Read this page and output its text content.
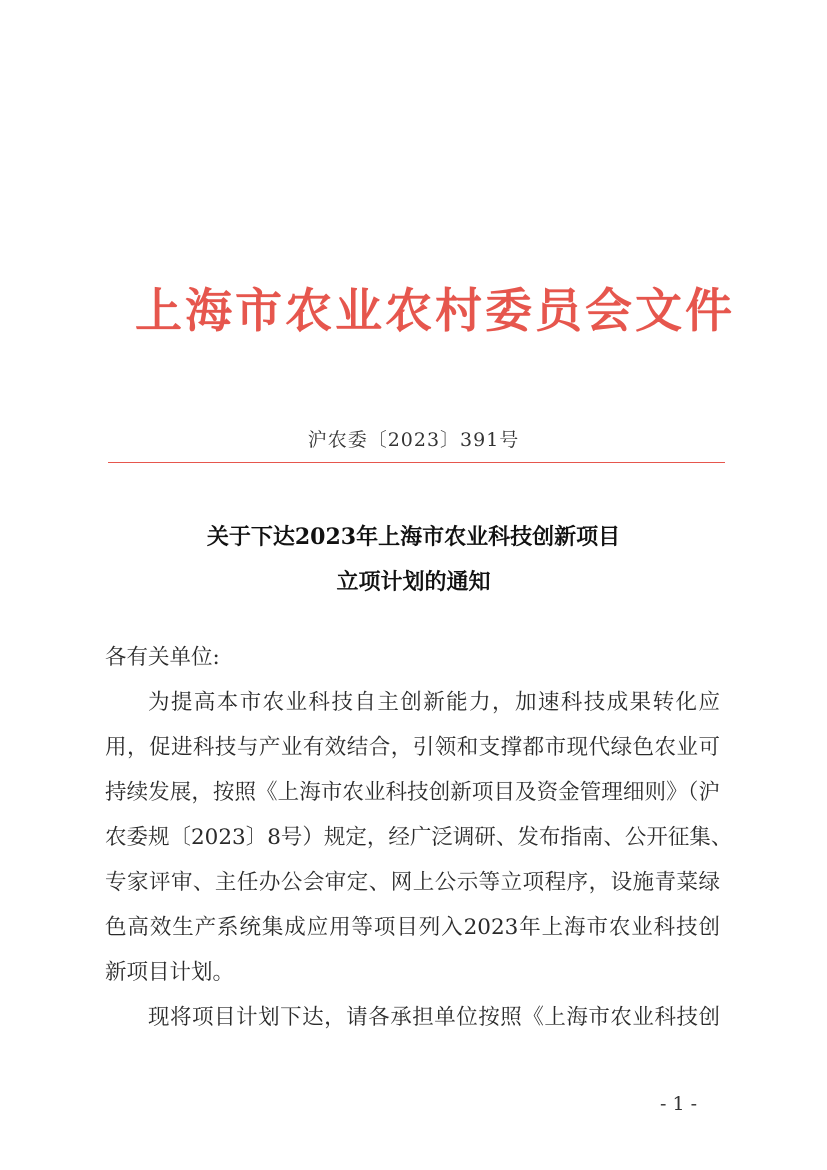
上海市农业农村委员会文件
沪农委〔2023〕391号
关于下达2023年上海市农业科技创新项目
立项计划的通知
各有关单位:
为提高本市农业科技自主创新能力，加速科技成果转化应
用，促进科技与产业有效结合，引领和支撑都市现代绿色农业可
持续发展，按照《上海市农业科技创新项目及资金管理细则》（沪
农委规〔2023〕8号）规定，经广泛调研、发布指南、公开征集、
专家评审、主任办公会审定、网上公示等立项程序，设施青菜绿
色高效生产系统集成应用等项目列入2023年上海市农业科技创
新项目计划。
现将项目计划下达，请各承担单位按照《上海市农业科技创
- 1 -
